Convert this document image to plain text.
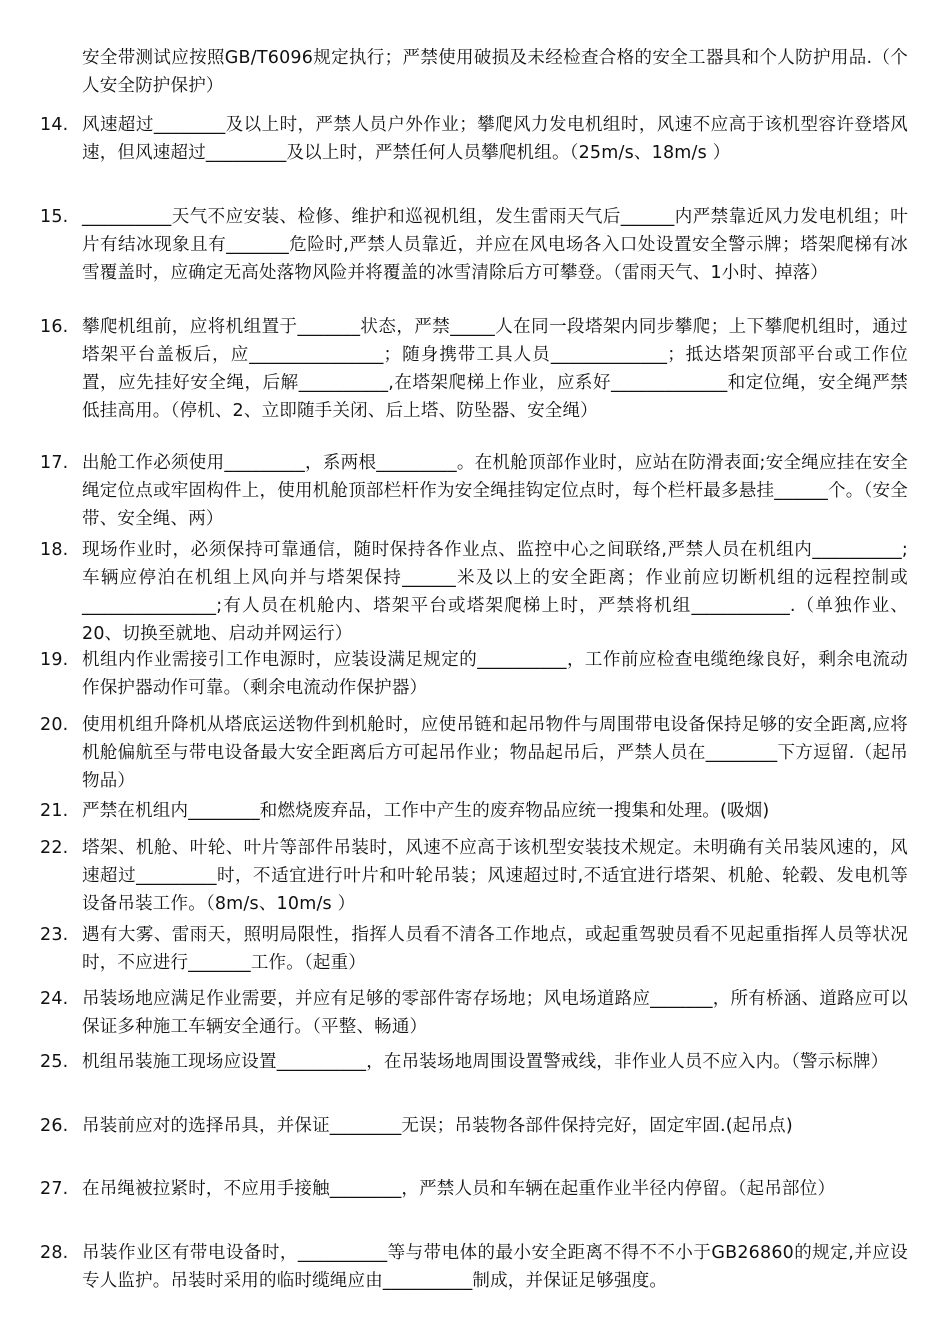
安全带测试应按照GB/T6096规定执行；严禁使用破损及未经检查合格的安全工器具和个人防护用品.（个人安全防护保护）
14. 风速超过________及以上时，严禁人员户外作业；攀爬风力发电机组时，风速不应高于该机型容许登塔风速，但风速超过_________及以上时，严禁任何人员攀爬机组。（25m/s、18m/s ）
15. __________天气不应安装、检修、维护和巡视机组，发生雷雨天气后______内严禁靠近风力发电机组；叶片有结冰现象且有_______危险时,严禁人员靠近，并应在风电场各入口处设置安全警示牌；塔架爬梯有冰雪覆盖时，应确定无高处落物风险并将覆盖的冰雪清除后方可攀登。（雷雨天气、1小时、掉落）
16. 攀爬机组前，应将机组置于_______状态，严禁_____人在同一段塔架内同步攀爬；上下攀爬机组时，通过塔架平台盖板后，应_______________；随身携带工具人员_____________；抵达塔架顶部平台或工作位置，应先挂好安全绳，后解__________,在塔架爬梯上作业，应系好_____________和定位绳，安全绳严禁低挂高用。（停机、2、立即随手关闭、后上塔、防坠器、安全绳）
17. 出舱工作必须使用_________，系两根_________。在机舱顶部作业时，应站在防滑表面;安全绳应挂在安全绳定位点或牢固构件上，使用机舱顶部栏杆作为安全绳挂钩定位点时，每个栏杆最多悬挂______个。（安全带、安全绳、两）
18. 现场作业时，必须保持可靠通信，随时保持各作业点、监控中心之间联络,严禁人员在机组内__________;车辆应停泊在机组上风向并与塔架保持______米及以上的安全距离；作业前应切断机组的远程控制或_______________;有人员在机舱内、塔架平台或塔架爬梯上时，严禁将机组___________.（单独作业、20、切换至就地、启动并网运行）
19. 机组内作业需接引工作电源时，应装设满足规定的__________，工作前应检查电缆绝缘良好，剩余电流动作保护器动作可靠。（剩余电流动作保护器）
20. 使用机组升降机从塔底运送物件到机舱时，应使吊链和起吊物件与周围带电设备保持足够的安全距离,应将机舱偏航至与带电设备最大安全距离后方可起吊作业；物品起吊后，严禁人员在________下方逗留.（起吊物品）
21. 严禁在机组内________和燃烧废弃品，工作中产生的废弃物品应统一搜集和处理。(吸烟)
22. 塔架、机舱、叶轮、叶片等部件吊装时，风速不应高于该机型安装技术规定。未明确有关吊装风速的，风速超过_________时，不适宜进行叶片和叶轮吊装；风速超过时,不适宜进行塔架、机舱、轮毂、发电机等设备吊装工作。（8m/s、10m/s ）
23. 遇有大雾、雷雨天，照明局限性，指挥人员看不清各工作地点，或起重驾驶员看不见起重指挥人员等状况时，不应进行_______工作。（起重）
24. 吊装场地应满足作业需要，并应有足够的零部件寄存场地；风电场道路应_______，所有桥涵、道路应可以保证多种施工车辆安全通行。（平整、畅通）
25. 机组吊装施工现场应设置__________，在吊装场地周围设置警戒线，非作业人员不应入内。（警示标牌）
26. 吊装前应对的选择吊具，并保证________无误；吊装物各部件保持完好，固定牢固.(起吊点)
27. 在吊绳被拉紧时，不应用手接触________，严禁人员和车辆在起重作业半径内停留。（起吊部位）
28. 吊装作业区有带电设备时，__________等与带电体的最小安全距离不得不不小于GB26860的规定,并应设专人监护。吊装时采用的临时缆绳应由__________制成，并保证足够强度。
